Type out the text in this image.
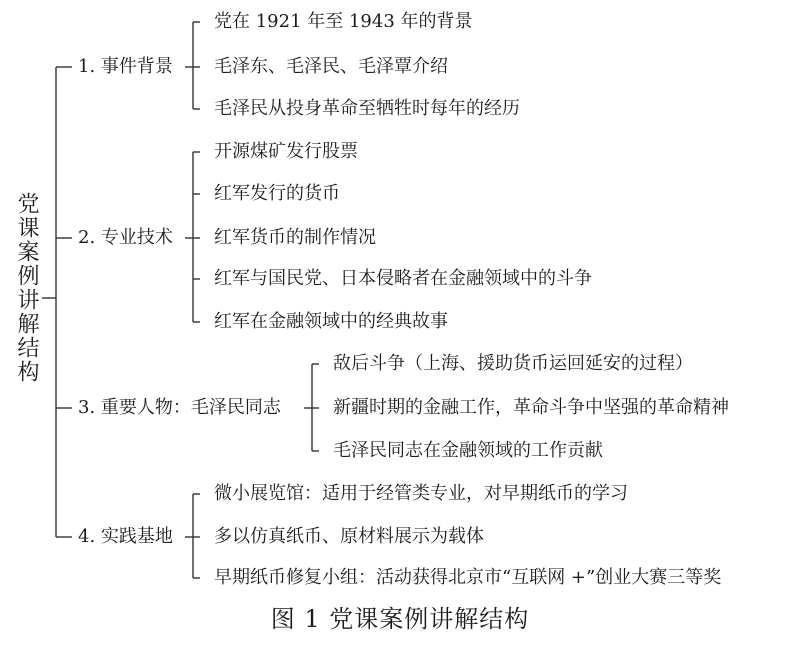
党课案例讲解结构
1. 事件背景
党在 1921 年至 1943 年的背景
毛泽东、毛泽民、毛泽覃介绍
毛泽民从投身革命至牺牲时每年的经历
2. 专业技术
开源煤矿发行股票
红军发行的货币
红军货币的制作情况
红军与国民党、日本侵略者在金融领域中的斗争
红军在金融领域中的经典故事
3. 重要人物：毛泽民同志
敌后斗争（上海、援助货币运回延安的过程）
新疆时期的金融工作，革命斗争中坚强的革命精神
毛泽民同志在金融领域的工作贡献
4. 实践基地
微小展览馆：适用于经管类专业，对早期纸币的学习
多以仿真纸币、原材料展示为载体
早期纸币修复小组：活动获得北京市“互联网 +”创业大赛三等奖
图 1 党课案例讲解结构
